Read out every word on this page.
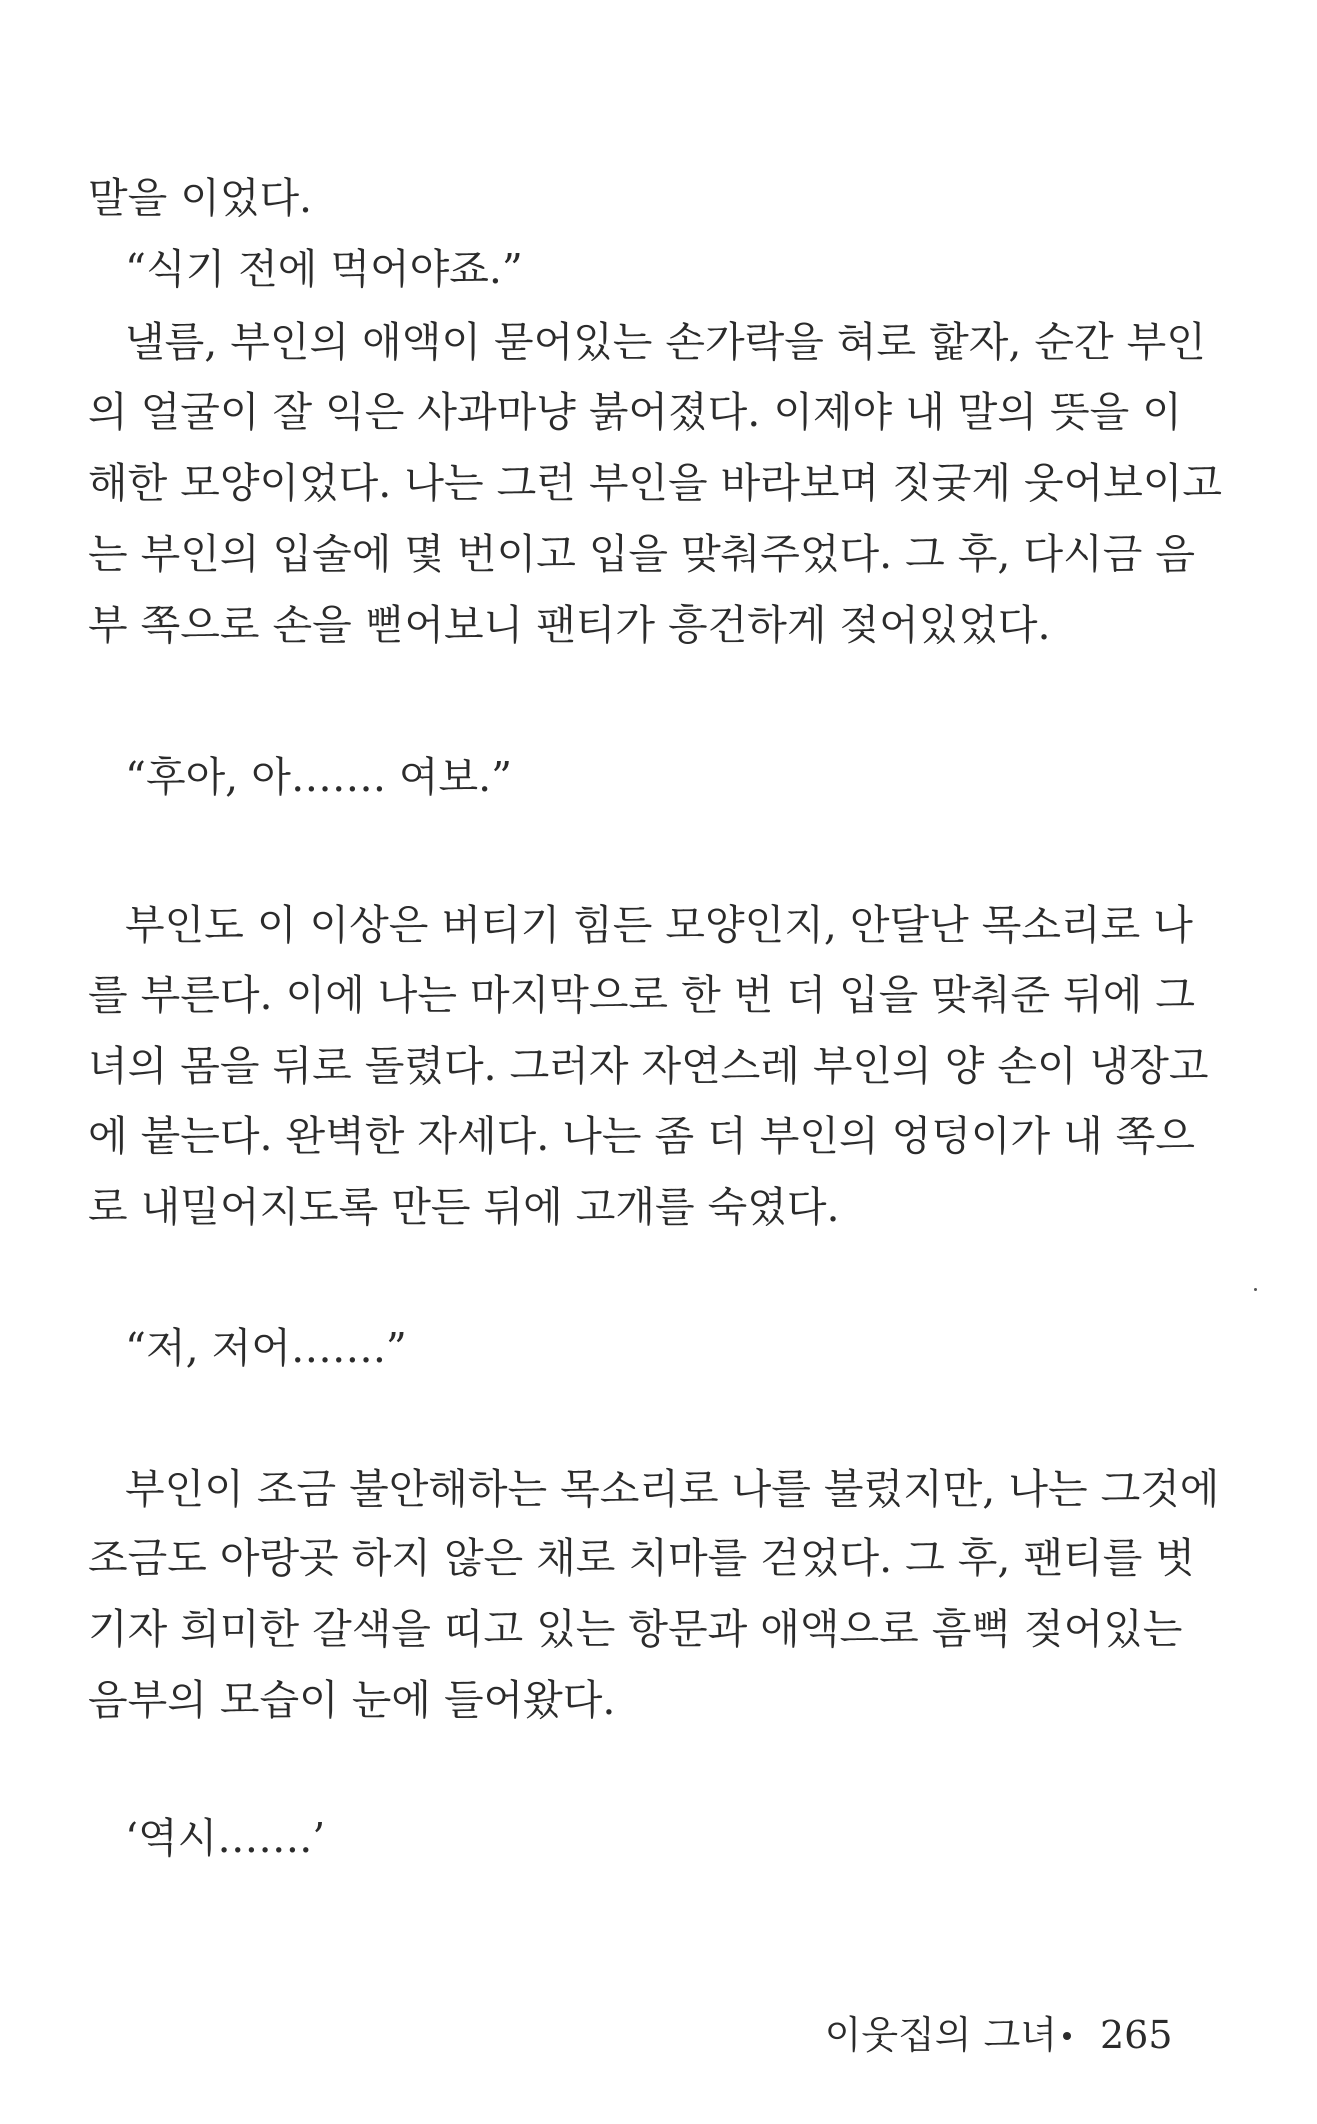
말을 이었다.
“식기 전에 먹어야죠.”
낼름, 부인의 애액이 묻어있는 손가락을 혀로 핥자, 순간 부인
의 얼굴이 잘 익은 사과마냥 붉어졌다. 이제야 내 말의 뜻을 이
해한 모양이었다. 나는 그런 부인을 바라보며 짓궂게 웃어보이고
는 부인의 입술에 몇 번이고 입을 맞춰주었다. 그 후, 다시금 음
부 쪽으로 손을 뻗어보니 팬티가 흥건하게 젖어있었다.
“후아, 아……. 여보.”
부인도 이 이상은 버티기 힘든 모양인지, 안달난 목소리로 나
를 부른다. 이에 나는 마지막으로 한 번 더 입을 맞춰준 뒤에 그
녀의 몸을 뒤로 돌렸다. 그러자 자연스레 부인의 양 손이 냉장고
에 붙는다. 완벽한 자세다. 나는 좀 더 부인의 엉덩이가 내 쪽으
로 내밀어지도록 만든 뒤에 고개를 숙였다.
“저, 저어…….”
부인이 조금 불안해하는 목소리로 나를 불렀지만, 나는 그것에
조금도 아랑곳 하지 않은 채로 치마를 걷었다. 그 후, 팬티를 벗
기자 희미한 갈색을 띠고 있는 항문과 애액으로 흠뻑 젖어있는
음부의 모습이 눈에 들어왔다.
‘역시…….’
이웃집의 그녀 265
